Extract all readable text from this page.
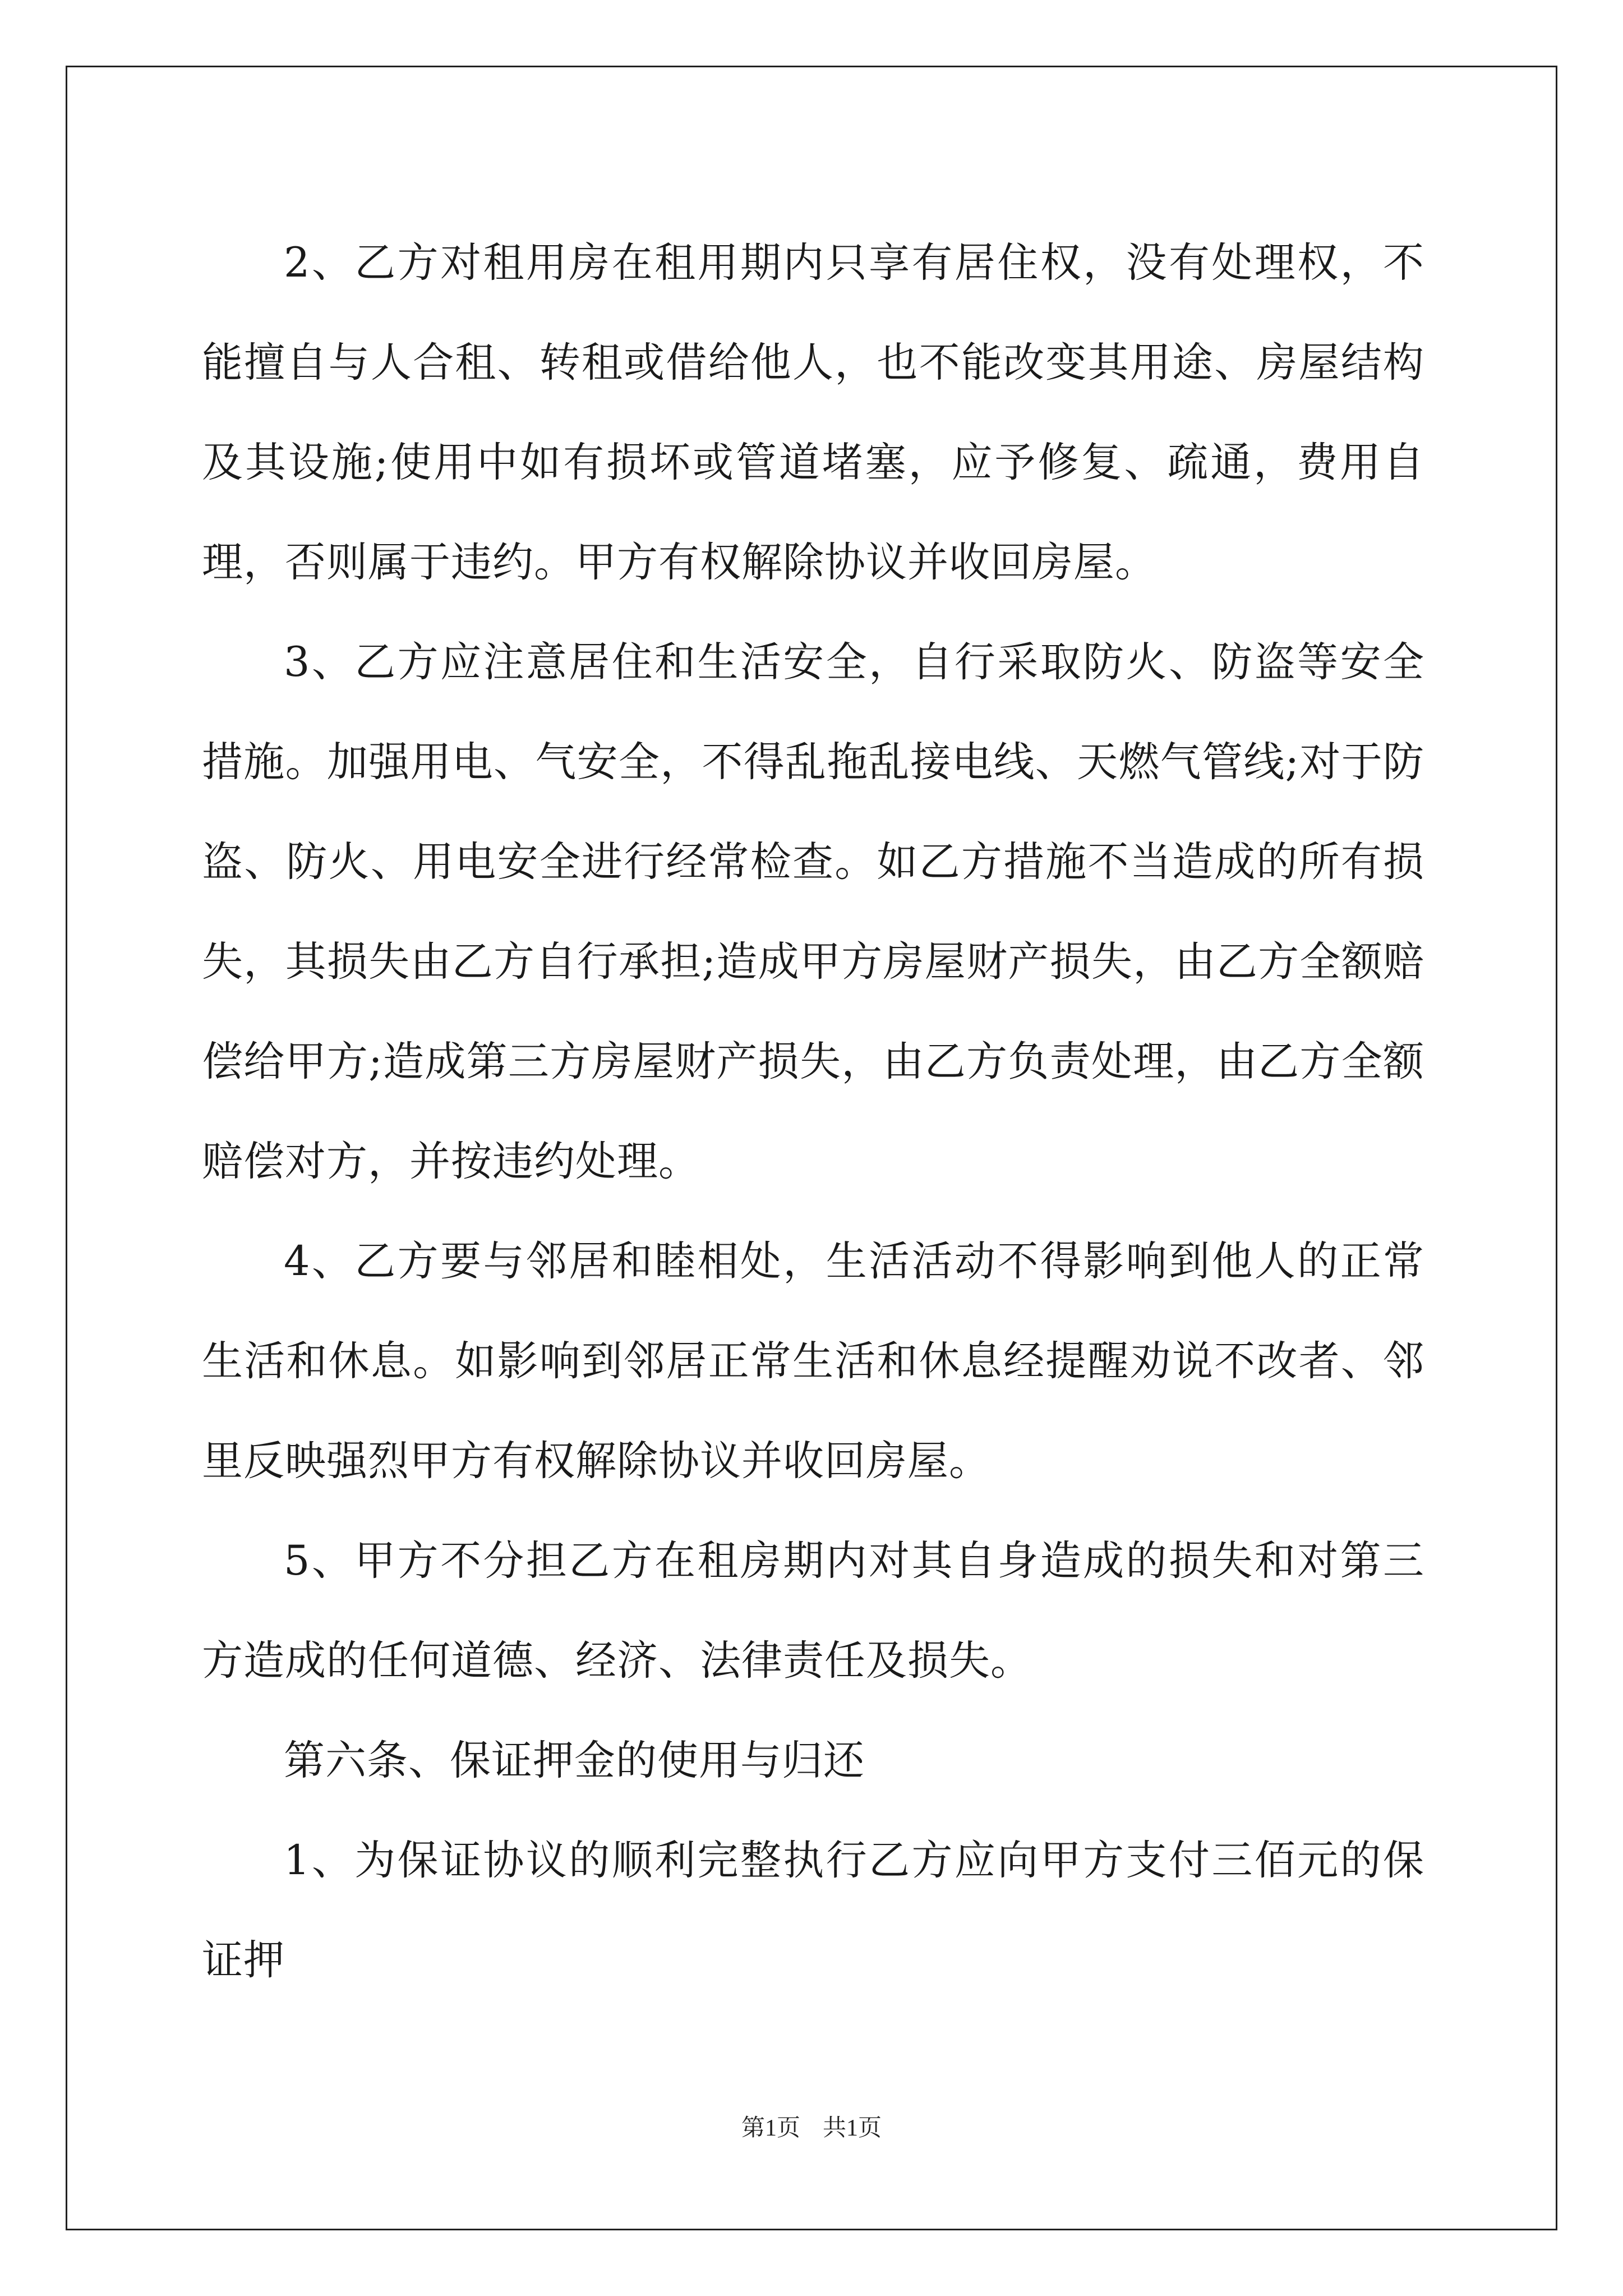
2、乙方对租用房在租用期内只享有居住权，没有处理权，不能擅自与人合租、转租或借给他人，也不能改变其用途、房屋结构及其设施;使用中如有损坏或管道堵塞，应予修复、疏通，费用自理，否则属于违约。甲方有权解除协议并收回房屋。

3、乙方应注意居住和生活安全，自行采取防火、防盗等安全措施。加强用电、气安全，不得乱拖乱接电线、天燃气管线;对于防盗、防火、用电安全进行经常检查。如乙方措施不当造成的所有损失，其损失由乙方自行承担;造成甲方房屋财产损失，由乙方全额赔偿给甲方;造成第三方房屋财产损失，由乙方负责处理，由乙方全额赔偿对方，并按违约处理。

4、乙方要与邻居和睦相处，生活活动不得影响到他人的正常生活和休息。如影响到邻居正常生活和休息经提醒劝说不改者、邻里反映强烈甲方有权解除协议并收回房屋。

5、甲方不分担乙方在租房期内对其自身造成的损失和对第三方造成的任何道德、经济、法律责任及损失。

第六条、保证押金的使用与归还

1、为保证协议的顺利完整执行乙方应向甲方支付三佰元的保证押

第1页 共1页
